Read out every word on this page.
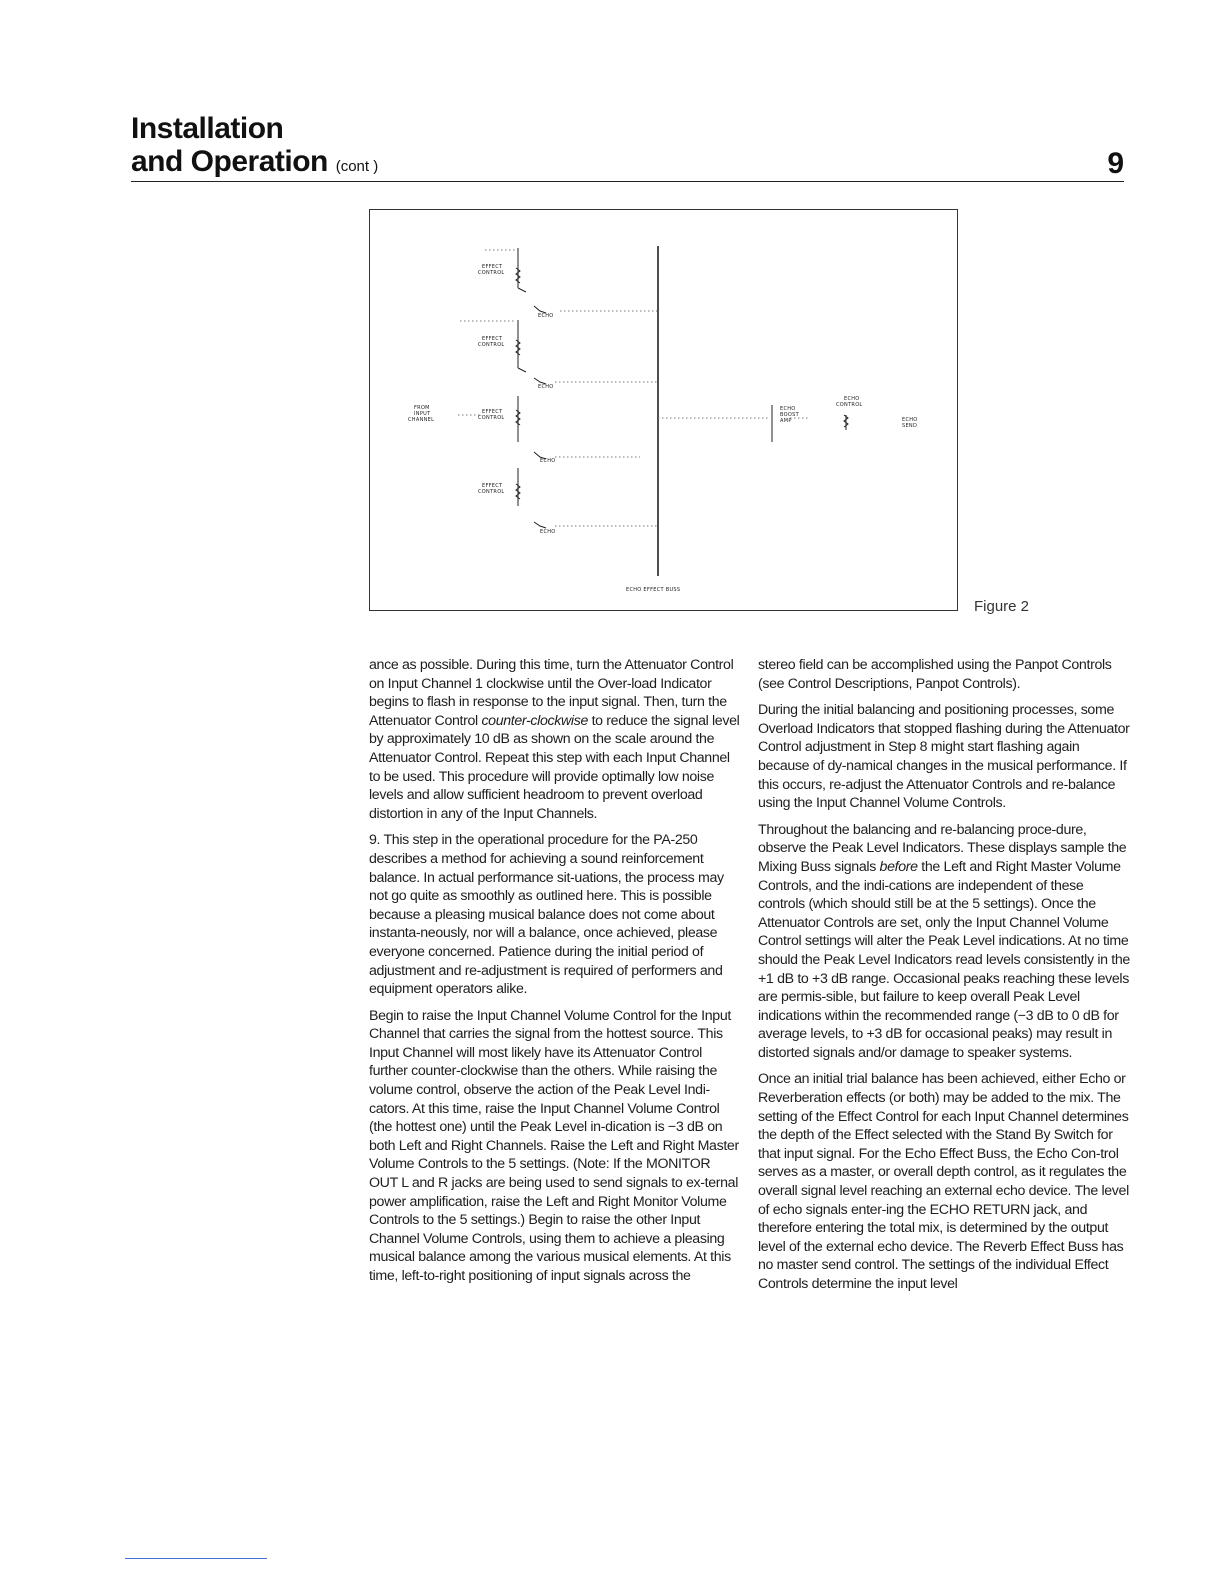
Installation
and Operation (cont )	9
EFFECT
CONTROL
ECHO
EFFECT
CONTROL
ECHO
FROM
INPUT
CHANNEL
EFFECT
CONTROL
ECHO
EFFECT
CONTROL
ECHO
ECHO
BOOST
AMP
ECHO
CONTROL
ECHO
SEND
ECHO EFFECT BUSS
Figure 2

ance as possible. During this time, turn the Attenuator Control on Input Channel 1 clockwise until the Over-load Indicator begins to flash in response to the input signal. Then, turn the Attenuator Control counter-clockwise to reduce the signal level by approximately 10 dB as shown on the scale around the Attenuator Control. Repeat this step with each Input Channel to be used. This procedure will provide optimally low noise levels and allow sufficient headroom to prevent overload distortion in any of the Input Channels.

9. This step in the operational procedure for the PA-250 describes a method for achieving a sound reinforcement balance. In actual performance sit-uations, the process may not go quite as smoothly as outlined here. This is possible because a pleasing musical balance does not come about instanta-neously, nor will a balance, once achieved, please everyone concerned. Patience during the initial period of adjustment and re-adjustment is required of performers and equipment operators alike.

Begin to raise the Input Channel Volume Control for the Input Channel that carries the signal from the hottest source. This Input Channel will most likely have its Attenuator Control further counter-clockwise than the others. While raising the volume control, observe the action of the Peak Level Indi-cators. At this time, raise the Input Channel Volume Control (the hottest one) until the Peak Level in-dication is −3 dB on both Left and Right Channels. Raise the Left and Right Master Volume Controls to the 5 settings. (Note: If the MONITOR OUT L and R jacks are being used to send signals to ex-ternal power amplification, raise the Left and Right Monitor Volume Controls to the 5 settings.) Begin to raise the other Input Channel Volume Controls, using them to achieve a pleasing musical balance among the various musical elements. At this time, left-to-right positioning of input signals across the

stereo field can be accomplished using the Panpot Controls (see Control Descriptions, Panpot Controls).

During the initial balancing and positioning processes, some Overload Indicators that stopped flashing during the Attenuator Control adjustment in Step 8 might start flashing again because of dy-namical changes in the musical performance. If this occurs, re-adjust the Attenuator Controls and re-balance using the Input Channel Volume Controls.

Throughout the balancing and re-balancing proce-dure, observe the Peak Level Indicators. These displays sample the Mixing Buss signals before the Left and Right Master Volume Controls, and the indi-cations are independent of these controls (which should still be at the 5 settings). Once the Attenuator Controls are set, only the Input Channel Volume Control settings will alter the Peak Level indications. At no time should the Peak Level Indicators read levels consistently in the +1 dB to +3 dB range. Occasional peaks reaching these levels are permis-sible, but failure to keep overall Peak Level indications within the recommended range (−3 dB to 0 dB for average levels, to +3 dB for occasional peaks) may result in distorted signals and/or damage to speaker systems.

Once an initial trial balance has been achieved, either Echo or Reverberation effects (or both) may be added to the mix. The setting of the Effect Control for each Input Channel determines the depth of the Effect selected with the Stand By Switch for that input signal. For the Echo Effect Buss, the Echo Con-trol serves as a master, or overall depth control, as it regulates the overall signal level reaching an external echo device. The level of echo signals enter-ing the ECHO RETURN jack, and therefore entering the total mix, is determined by the output level of the external echo device. The Reverb Effect Buss has no master send control. The settings of the individual Effect Controls determine the input level
